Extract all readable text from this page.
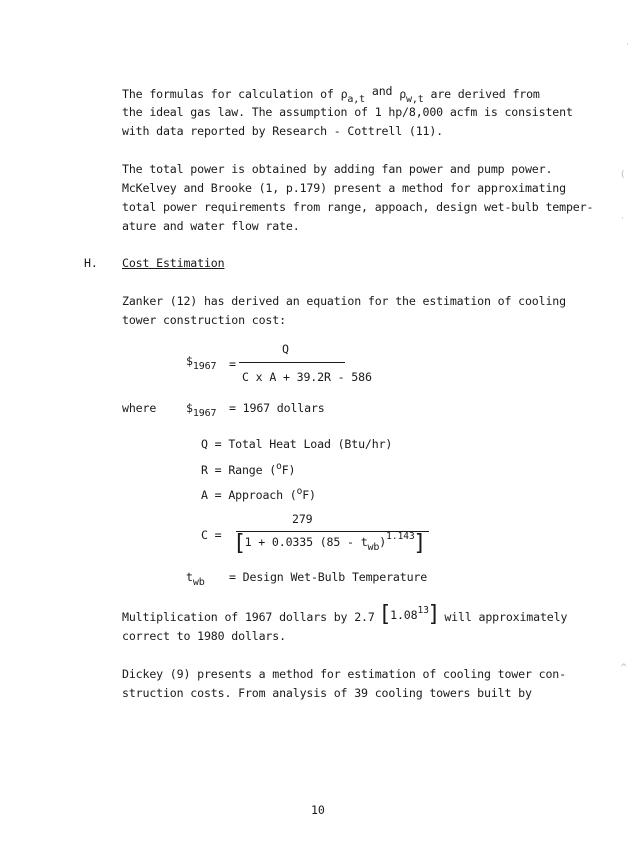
The formulas for calculation of ρa,t and ρw,t are derived from
the ideal gas law. The assumption of 1 hp/8,000 acfm is consistent
with data reported by Research - Cottrell (11).
The total power is obtained by adding fan power and pump power.
McKelvey and Brooke (1, p.179) present a method for approximating
total power requirements from range, appoach, design wet-bulb temper-
ature and water flow rate.
H. Cost Estimation
Zanker (12) has derived an equation for the estimation of cooling
tower construction cost:
$1967 =
Q
C x A + 39.2R - 586
where	$1967 = 1967 dollars
Q = Total Heat Load (Btu/hr)
R = Range ($^o$F)
A = Approach ($^o$F)
279
$C = [^{1 + 0.0335 (85 - t}wb^{)1.143}]$
twb = Design Wet-Bulb Temperature
Multiplication of 1967 dollars by 2.7 [1.08$^{13}$] will approximately
correct to 1980 dollars.
Dickey (9) presents a method for estimation of cooling tower con-
struction costs. From analysis of 39 cooling towers built by
10
(
^
·
·
